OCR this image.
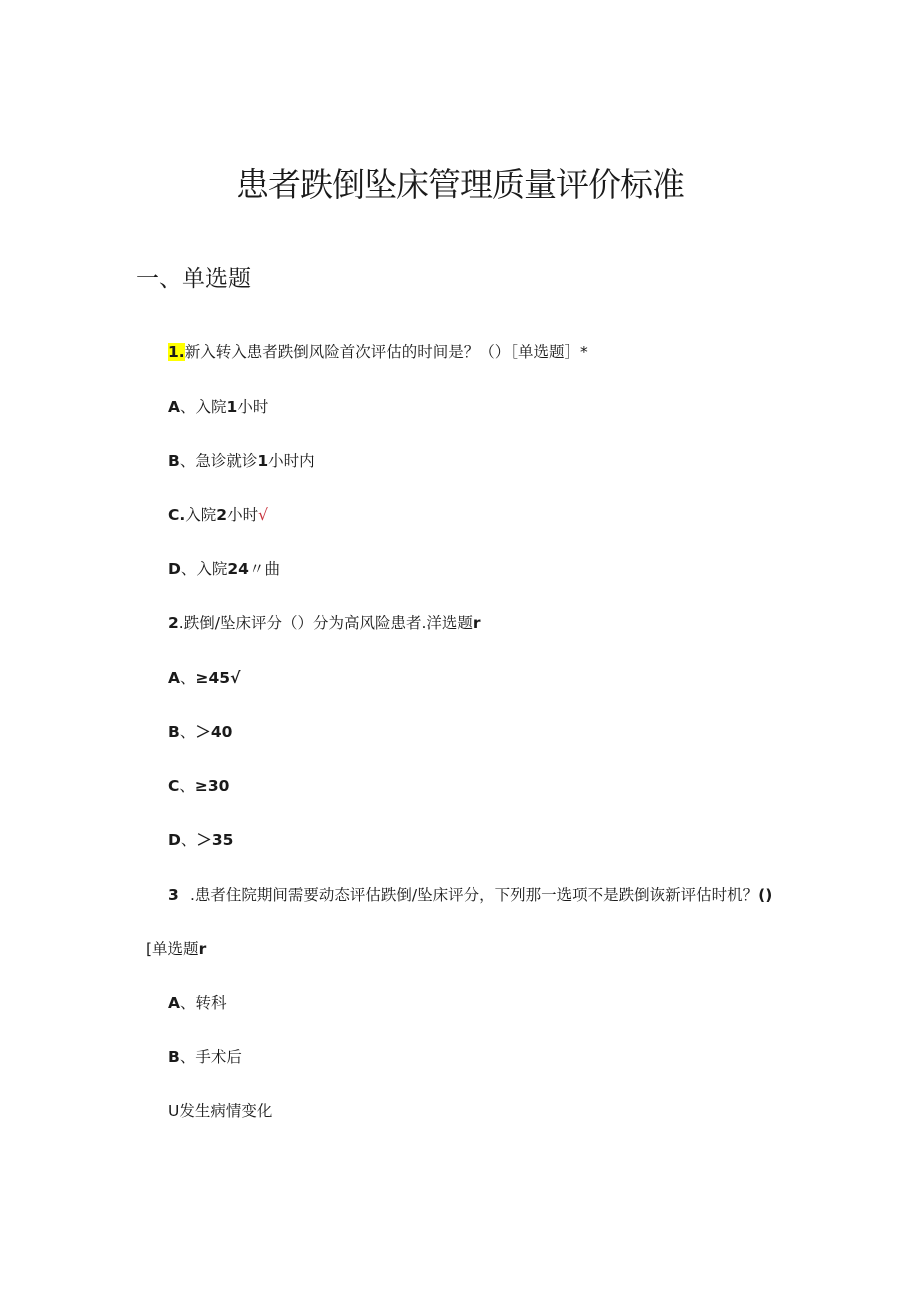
患者跌倒坠床管理质量评价标准
一、单选题
1.新入转入患者跌倒风险首次评估的时间是？（）［单选题］*
A、入院1小时
B、急诊就诊1小时内
C.入院2小时√
D、入院24〃曲
2.跌倒/坠床评分（）分为高风险患者.洋选题r
A、≥45√
B、＞40
C、≥30
D、＞35
3 .患者住院期间需要动态评估跌倒/坠床评分，下列那一选项不是跌倒诙新评估时机？()
[单选题r
A、转科
B、手术后
U发生病情变化
